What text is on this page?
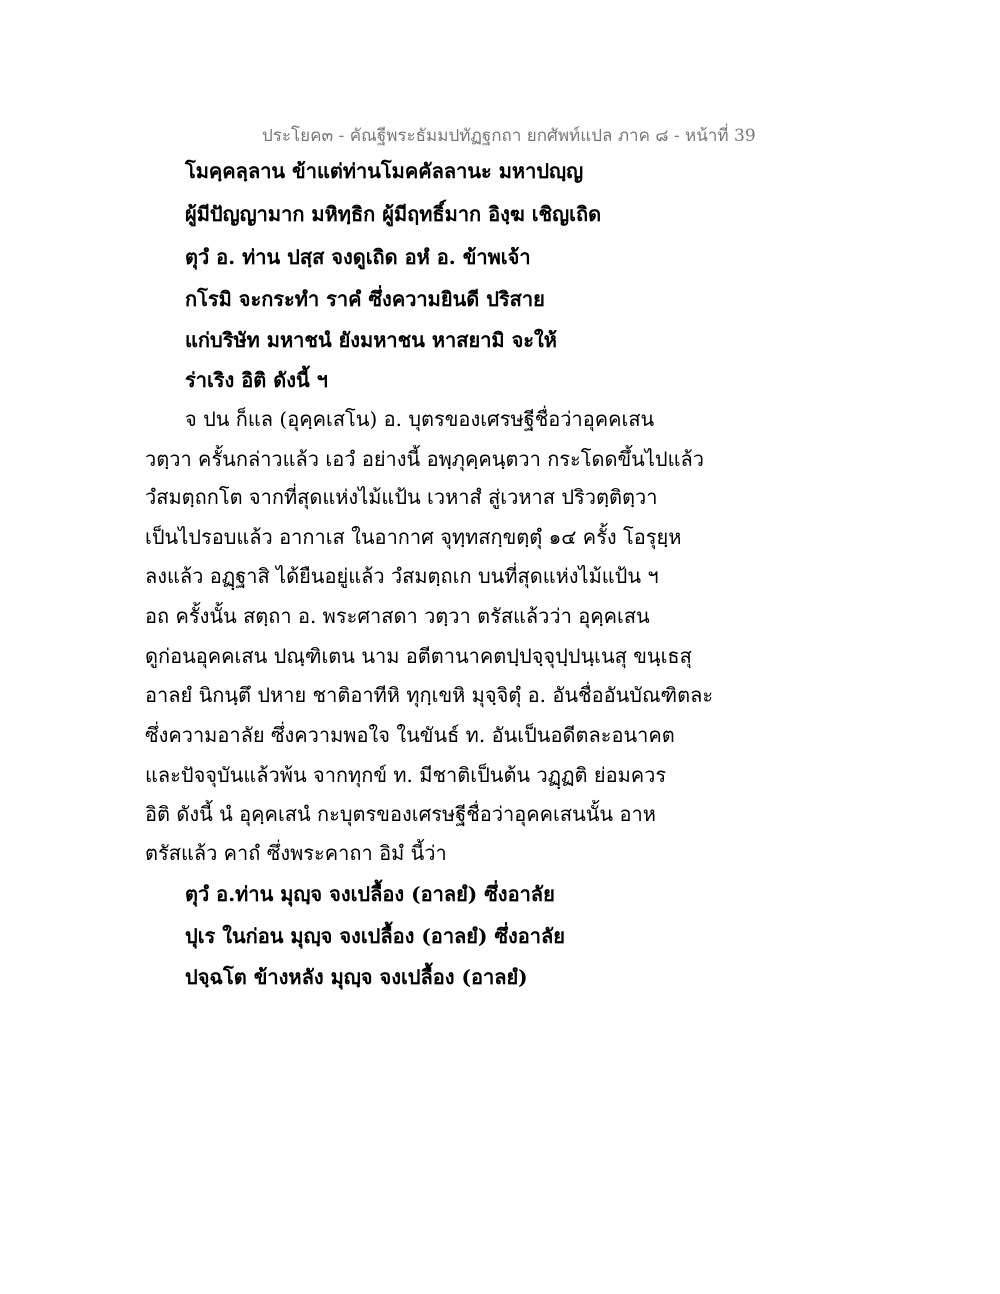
ประโยค๓ - คัณฐีพระธัมมปทัฏฐกถา ยกศัพท์แปล ภาค ๘ - หน้าที่ 39
โมคฺคลฺลาน ข้าแต่ท่านโมคคัลลานะ มหาปญฺญ
ผู้มีปัญญามาก มหิทฺธิก ผู้มีฤทธิ์มาก อิงฺฆ เชิญเถิด
ตุวํ อ. ท่าน ปสฺส จงดูเถิด อหํ อ. ข้าพเจ้า
กโรมิ จะกระทำ ราคํ ซึ่งความยินดี ปริสาย
แก่บริษัท มหาชนํ ยังมหาชน หาสยามิ จะให้
ร่าเริง อิติ ดังนี้ ฯ
จ ปน ก็แล (อุคฺคเสโน) อ. บุตรของเศรษฐีชื่อว่าอุคคเสน
วตฺวา ครั้นกล่าวแล้ว เอวํ อย่างนี้ อพฺภุคฺคนฺตวา กระโดดขึ้นไปแล้ว
วํสมตฺถกโต จากที่สุดแห่งไม้แป้น เวหาสํ สู่เวหาส ปริวตฺติตฺวา
เป็นไปรอบแล้ว อากาเส ในอากาศ จุทฺทสกฺขตฺตุํ ๑๔ ครั้ง โอรุยฺห
ลงแล้ว อฏฺฐาสิ ได้ยืนอยู่แล้ว วํสมตฺถเก บนที่สุดแห่งไม้แป้น ฯ
อถ ครั้งนั้น สตฺถา อ. พระศาสดา วตฺวา ตรัสแล้วว่า อุคฺคเสน
ดูก่อนอุคคเสน ปณฺฑิเตน นาม อตีตานาคตปฺปจฺจุปฺปนฺเนสุ ขนฺเธสุ
อาลยํ นิกนฺตึ ปหาย ชาติอาทีหิ ทุกฺเขหิ มุจฺจิตุํ อ. อันชื่ออันบัณฑิตละ
ซึ่งความอาลัย ซึ่งความพอใจ ในขันธ์ ท. อันเป็นอดีตละอนาคต
และปัจจุบันแล้วพ้น จากทุกข์ ท. มีชาติเป็นต้น วฏฺฏติ ย่อมควร
อิติ ดังนี้ นํ อุคฺคเสนํ กะบุตรของเศรษฐีชื่อว่าอุคคเสนนั้น อาห
ตรัสแล้ว คาถํ ซึ่งพระคาถา อิมํ นี้ว่า
ตุวํ อ.ท่าน มุญฺจ จงเปลื้อง (อาลยํ) ซึ่งอาลัย
ปุเร ในก่อน มุญฺจ จงเปลื้อง (อาลยํ) ซึ่งอาลัย
ปจฺฉโต ข้างหลัง มุญฺจ จงเปลื้อง (อาลยํ)
